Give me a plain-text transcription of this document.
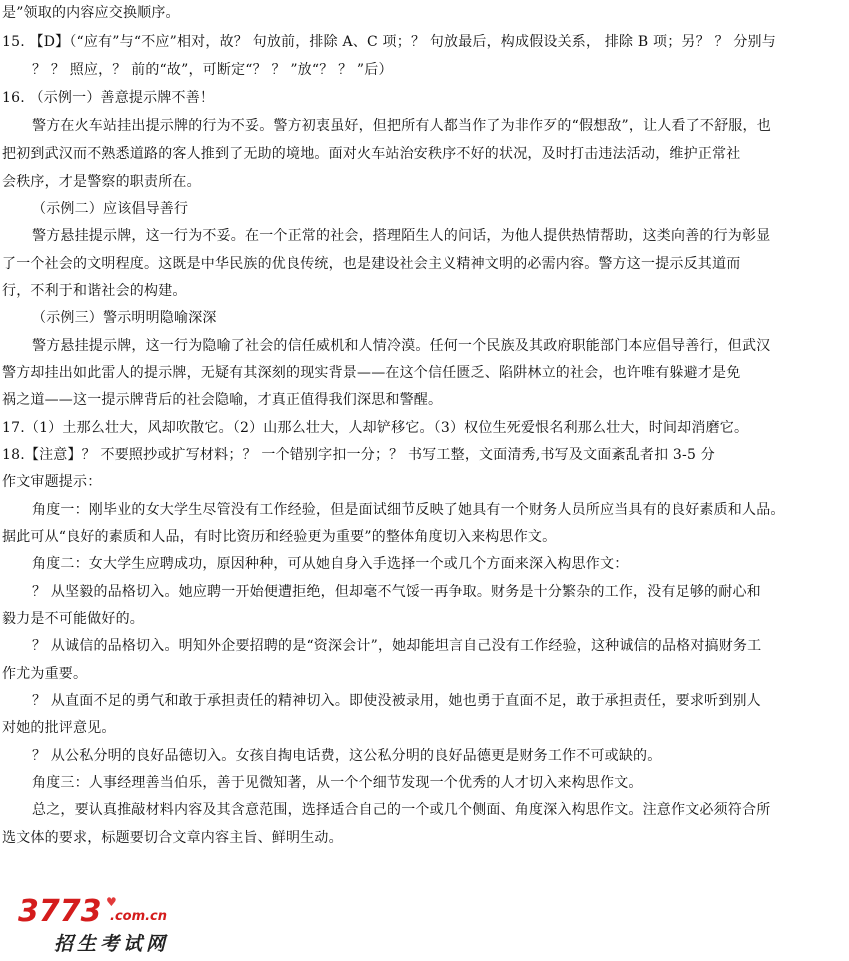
是”领取的内容应交换顺序。
15. 【D】（“应有”与“不应”相对，故？ 句放前，排除 A、C 项；？ 句放最后，构成假设关系， 排除 B 项；另？ ？ 分别与
？ ？ 照应，？ 前的“故”，可断定“？ ？ ”放“？ ？ ”后）
16. （示例一）善意提示牌不善！
警方在火车站挂出提示牌的行为不妥。警方初衷虽好，但把所有人都当作了为非作歹的“假想敌”，让人看了不舒服，也
把初到武汉而不熟悉道路的客人推到了无助的境地。面对火车站治安秩序不好的状况，及时打击违法活动，维护正常社
会秩序，才是警察的职责所在。
（示例二）应该倡导善行
警方悬挂提示牌，这一行为不妥。在一个正常的社会，搭理陌生人的问话，为他人提供热情帮助，这类向善的行为彰显
了一个社会的文明程度。这既是中华民族的优良传统，也是建设社会主义精神文明的必需内容。警方这一提示反其道而
行，不利于和谐社会的构建。
（示例三）警示明明隐喻深深
警方悬挂提示牌，这一行为隐喻了社会的信任威机和人情冷漠。任何一个民族及其政府职能部门本应倡导善行，但武汉
警方却挂出如此雷人的提示牌，无疑有其深刻的现实背景——在这个信任匮乏、陷阱林立的社会，也许唯有躲避才是免
祸之道——这一提示牌背后的社会隐喻，才真正值得我们深思和警醒。
17.（1）土那么壮大，风却吹散它。（2）山那么壮大，人却铲移它。（3）权位生死爱恨名利那么壮大，时间却消磨它。
18.【注意】？ 不要照抄或扩写材料；？ 一个错别字扣一分；？ 书写工整，文面清秀,书写及文面紊乱者扣 3-5 分
作文审题提示：
角度一：刚毕业的女大学生尽管没有工作经验，但是面试细节反映了她具有一个财务人员所应当具有的良好素质和人品。
据此可从“良好的素质和人品，有时比资历和经验更为重要”的整体角度切入来构思作文。
角度二：女大学生应聘成功，原因种种，可从她自身入手选择一个或几个方面来深入构思作文：
？ 从坚毅的品格切入。她应聘一开始便遭拒绝，但却毫不气馁一再争取。财务是十分繁杂的工作，没有足够的耐心和
毅力是不可能做好的。
？ 从诚信的品格切入。明知外企要招聘的是“资深会计”，她却能坦言自己没有工作经验，这种诚信的品格对搞财务工
作尤为重要。
？ 从直面不足的勇气和敢于承担责任的精神切入。即使没被录用，她也勇于直面不足，敢于承担责任，要求听到别人
对她的批评意见。
？ 从公私分明的良好品德切入。女孩自掏电话费，这公私分明的良好品德更是财务工作不可或缺的。
角度三：人事经理善当伯乐，善于见微知著，从一个个细节发现一个优秀的人才切入来构思作文。
总之，要认真推敲材料内容及其含意范围，选择适合自己的一个或几个侧面、角度深入构思作文。注意作文必须符合所
选文体的要求，标题要切合文章内容主旨、鲜明生动。
3773 ♥
.com.cn
招生考试网
